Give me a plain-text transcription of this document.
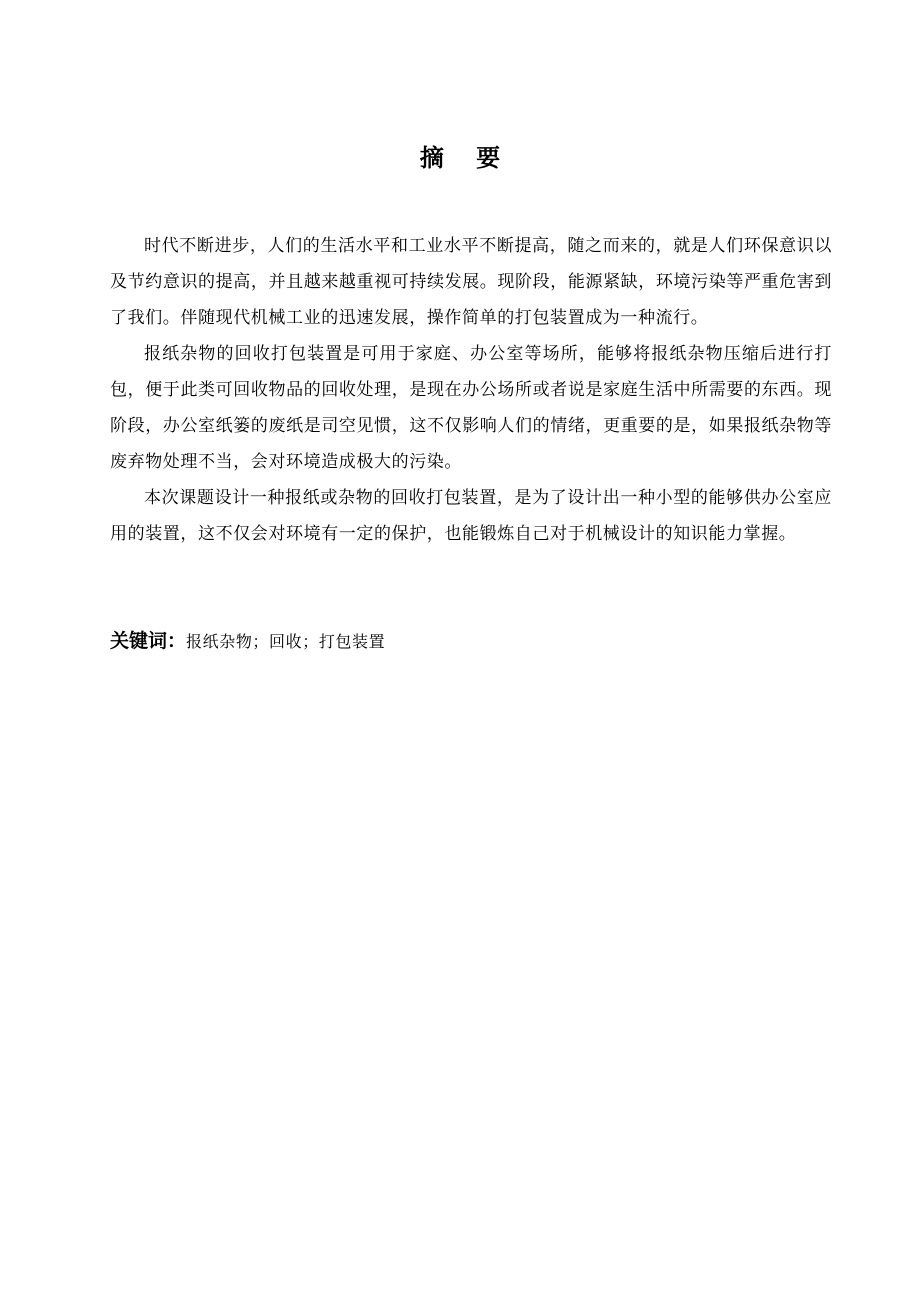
摘 要

时代不断进步，人们的生活水平和工业水平不断提高，随之而来的，就是人们环保意识以及节约意识的提高，并且越来越重视可持续发展。现阶段，能源紧缺，环境污染等严重危害到了我们。伴随现代机械工业的迅速发展，操作简单的打包装置成为一种流行。

报纸杂物的回收打包装置是可用于家庭、办公室等场所，能够将报纸杂物压缩后进行打包，便于此类可回收物品的回收处理，是现在办公场所或者说是家庭生活中所需要的东西。现阶段，办公室纸篓的废纸是司空见惯，这不仅影响人们的情绪，更重要的是，如果报纸杂物等废弃物处理不当，会对环境造成极大的污染。

本次课题设计一种报纸或杂物的回收打包装置，是为了设计出一种小型的能够供办公室应用的装置，这不仅会对环境有一定的保护，也能锻炼自己对于机械设计的知识能力掌握。

关键词：报纸杂物；回收；打包装置
